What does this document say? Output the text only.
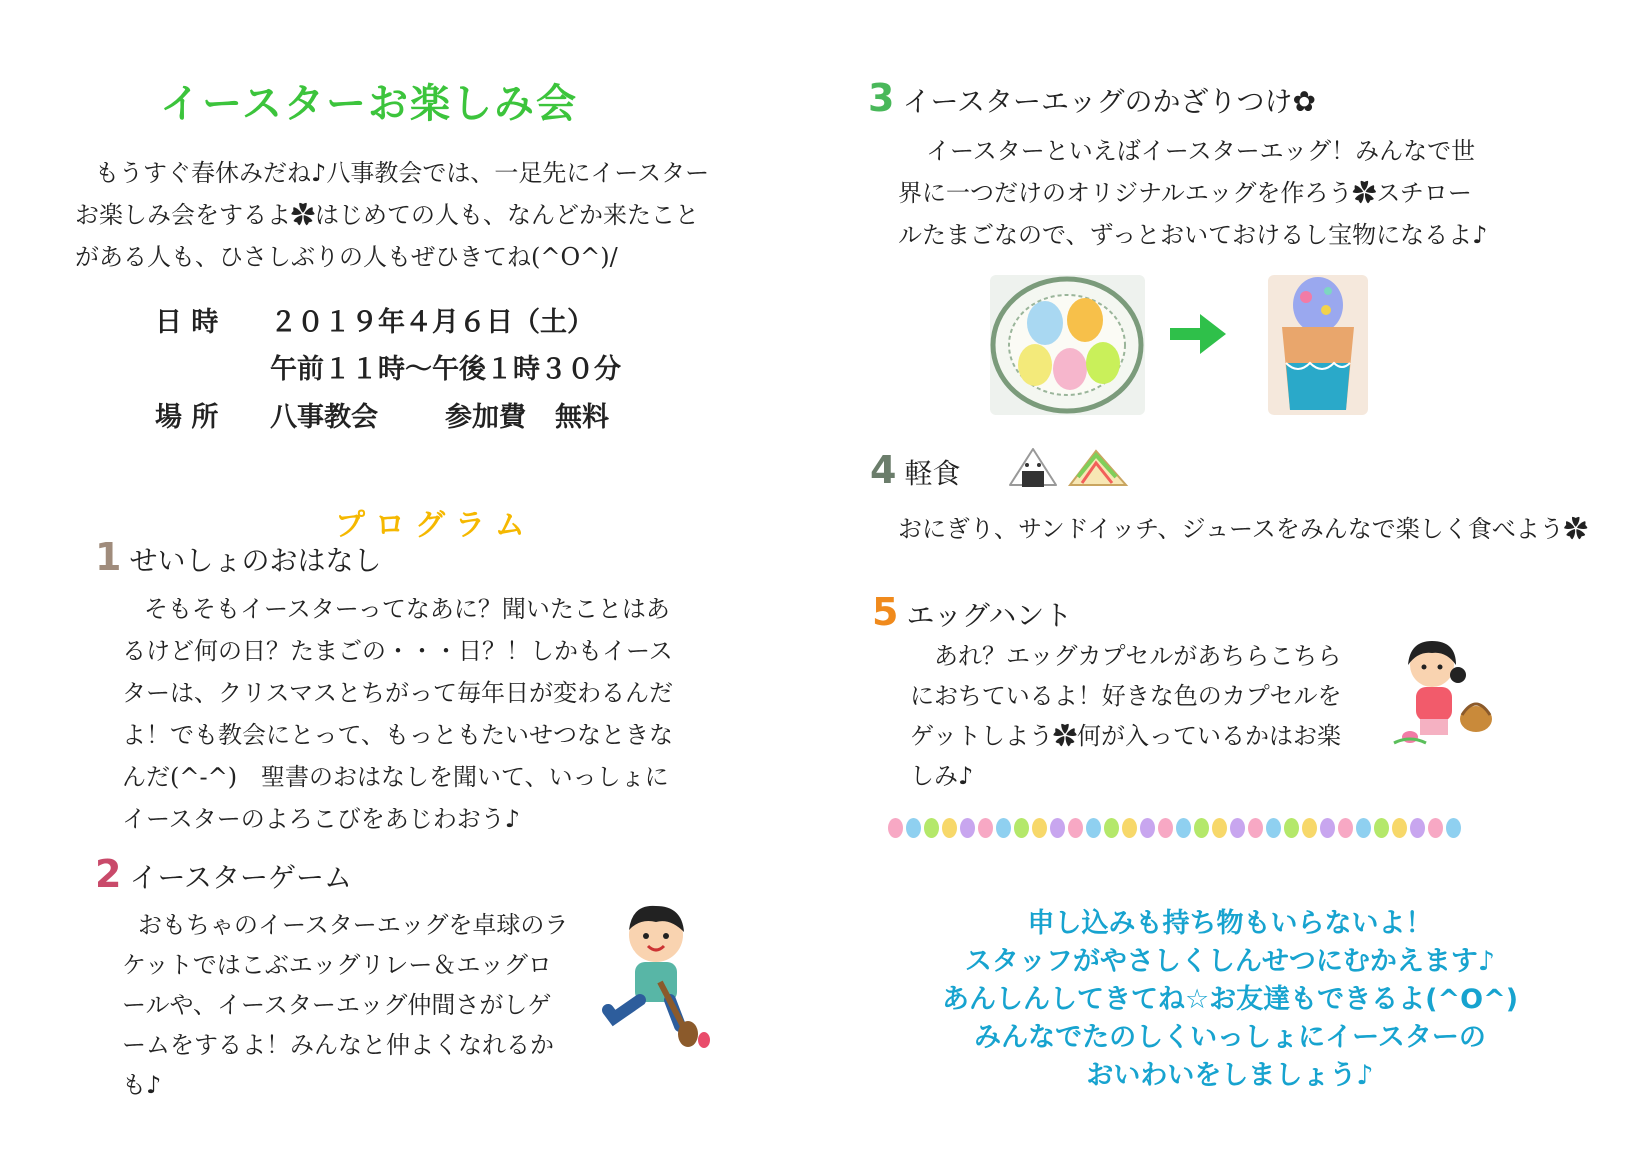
イースターお楽しみ会
もうすぐ春休みだね♪八事教会では、一足先にイースター お楽しみ会をするよ✿はじめての人も、なんどか来たことがある人も、ひさしぶりの人もぜひきてね(^O^)/
日 時 ２０１９年４月６日（土）
午前１１時～午後１時３０分
場 所 八事教会 参加費 無料
プログラム
1 せいしょのおはなし
そもそもイースターってなあに？聞いたことはあるけど何の日？たまごの・・・日？！しかもイースターは、クリスマスとちがって毎年日が変わるんだよ！でも教会にとって、もっともたいせつなときなんだ(^-^)　聖書のおはなしを聞いて、いっしょにイースターのよろこびをあじわおう♪
2 イースターゲーム
おもちゃのイースターエッグを卓球のラケットではこぶエッグリレー＆エッグロールや、イースターエッグ仲間さがしゲームをするよ！みんなと仲よくなれるかも♪
3 イースターエッグのかざりつけ✿
イースターといえばイースターエッグ！みんなで世界に一つだけのオリジナルエッグを作ろう✿スチロールたまごなので、ずっとおいておけるし宝物になるよ♪
4 軽食
おにぎり、サンドイッチ、ジュースをみんなで楽しく食べよう✿
5 エッグハント
あれ？エッグカプセルがあちらこちらにおちているよ！好きな色のカプセルをゲットしよう✿何が入っているかはお楽しみ♪
申し込みも持ち物もいらないよ！
スタッフがやさしくしんせつにむかえます♪
あんしんしてきてね☆お友達もできるよ(^O^)
みんなでたのしくいっしょにイースターの
おいわいをしましょう♪
